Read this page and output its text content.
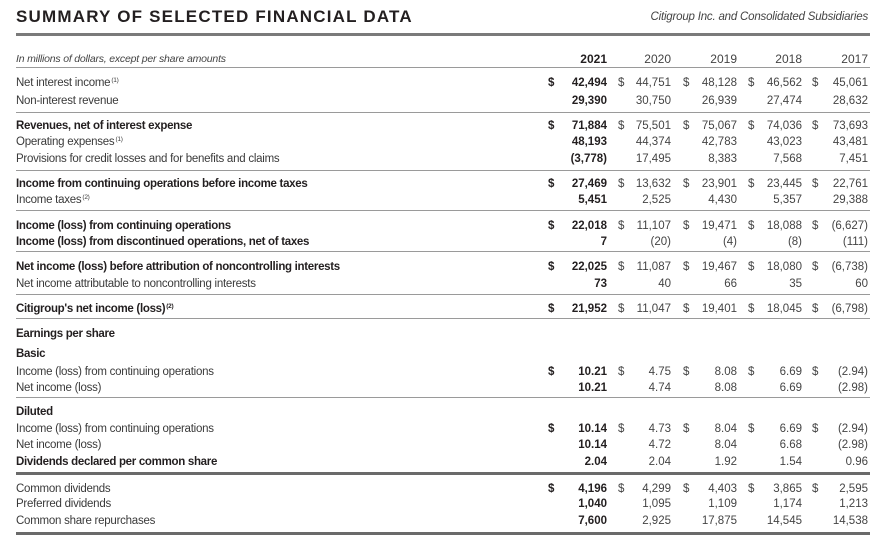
SUMMARY OF SELECTED FINANCIAL DATA	Citigroup Inc. and Consolidated Subsidiaries
In millions of dollars, except per share amounts	2021	2020	2019	2018	2017
Net interest income$^{(1)}$	$ 42,494 $ 44,751 $ 48,128 $ 46,562 $ 45,061
Non-interest revenue	29,390	30,750	26,939	27,474	28,632
Revenues, net of interest expense	$ 71,884 $ 75,501 $ 75,067 $ 74,036 $ 73,693
Operating expenses$^{(1)}$	48,193	44,374	42,783	43,023	43,481
Provisions for credit losses and for benefits and claims	(3,778)	17,495	8,383	7,568	7,451
Income from continuing operations before income taxes	$ 27,469 $ 13,632 $ 23,901 $ 23,445 $ 22,761
Income taxes$^{(2)}$	5,451	2,525	4,430	5,357	29,388
Income (loss) from continuing operations	$ 22,018 $ 11,107 $ 19,471 $ 18,088 $ (6,627)
Income (loss) from discontinued operations, net of taxes	7	(20)	(4)	(8)	(111)
Net income (loss) before attribution of noncontrolling interests	$ 22,025 $ 11,087 $ 19,467 $ 18,080 $ (6,738)
Net income attributable to noncontrolling interests	73	40	66	35	60
Citigroup's net income (loss)$^{(2)}$	$ 21,952 $ 11,047 $ 19,401 $ 18,045 $ (6,798)
Earnings per share
Basic
Income (loss) from continuing operations	$ 10.21 $ 4.75 $ 8.08 $ 6.69 $ (2.94)
Net income (loss)	10.21	4.74	8.08	6.69	(2.98)
Diluted
Income (loss) from continuing operations	$ 10.14 $ 4.73 $ 8.04 $ 6.69 $ (2.94)
Net income (loss)	10.14	4.72	8.04	6.68	(2.98)
Dividends declared per common share	2.04	2.04	1.92	1.54	0.96
Common dividends	$ 4,196 $ 4,299 $ 4,403 $ 3,865 $ 2,595
Preferred dividends	1,040	1,095	1,109	1,174	1,213
Common share repurchases	7,600	2,925	17,875	14,545	14,538
